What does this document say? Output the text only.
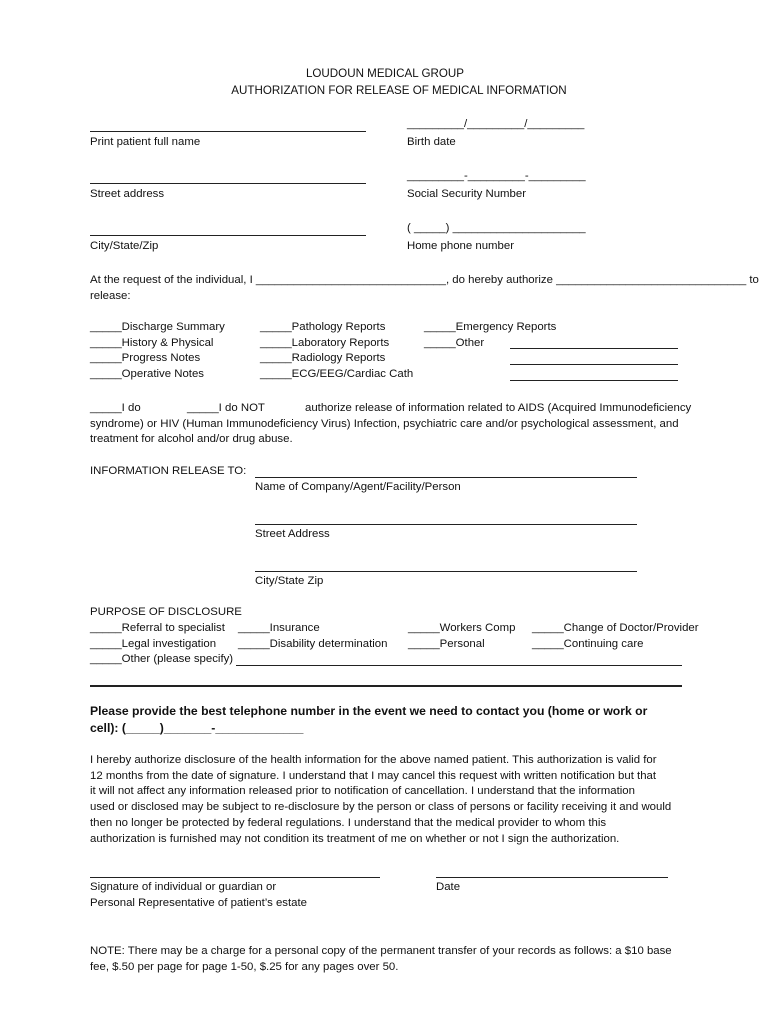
LOUDOUN MEDICAL GROUP
AUTHORIZATION FOR RELEASE OF MEDICAL INFORMATION
Print patient full name
_________/_________/_________
Birth date
Street address
_________-_________-_________
Social Security Number
City/State/Zip
( _____) _____________________
Home phone number
At the request of the individual, I ______________________________, do hereby authorize ______________________________ to
release:
_____Discharge Summary
_____History & Physical
_____Progress Notes
_____Operative Notes
_____Pathology Reports
_____Laboratory Reports
_____Radiology Reports
_____ECG/EEG/Cardiac Cath
_____Emergency Reports
_____Other
_____I do	_____I do NOT	authorize release of information related to AIDS (Acquired Immunodeficiency
syndrome) or HIV (Human Immunodeficiency Virus) Infection, psychiatric care and/or psychological assessment, and
treatment for alcohol and/or drug abuse.
INFORMATION RELEASE TO:
Name of Company/Agent/Facility/Person
Street Address
City/State Zip
PURPOSE OF DISCLOSURE
_____Referral to specialist
_____Legal investigation
_____Other (please specify)
_____Insurance
_____Disability determination
_____Workers Comp
_____Personal
_____Change of Doctor/Provider
_____Continuing care
Please provide the best telephone number in the event we need to contact you (home or work or
cell): (_____)_______-_____________
I hereby authorize disclosure of the health information for the above named patient. This authorization is valid for
12 months from the date of signature. I understand that I may cancel this request with written notification but that
it will not affect any information released prior to notification of cancellation. I understand that the information
used or disclosed may be subject to re-disclosure by the person or class of persons or facility receiving it and would
then no longer be protected by federal regulations. I understand that the medical provider to whom this
authorization is furnished may not condition its treatment of me on whether or not I sign the authorization.
Signature of individual or guardian or
Personal Representative of patient’s estate
Date
NOTE: There may be a charge for a personal copy of the permanent transfer of your records as follows: a $10 base
fee, $.50 per page for page 1-50, $.25 for any pages over 50.
